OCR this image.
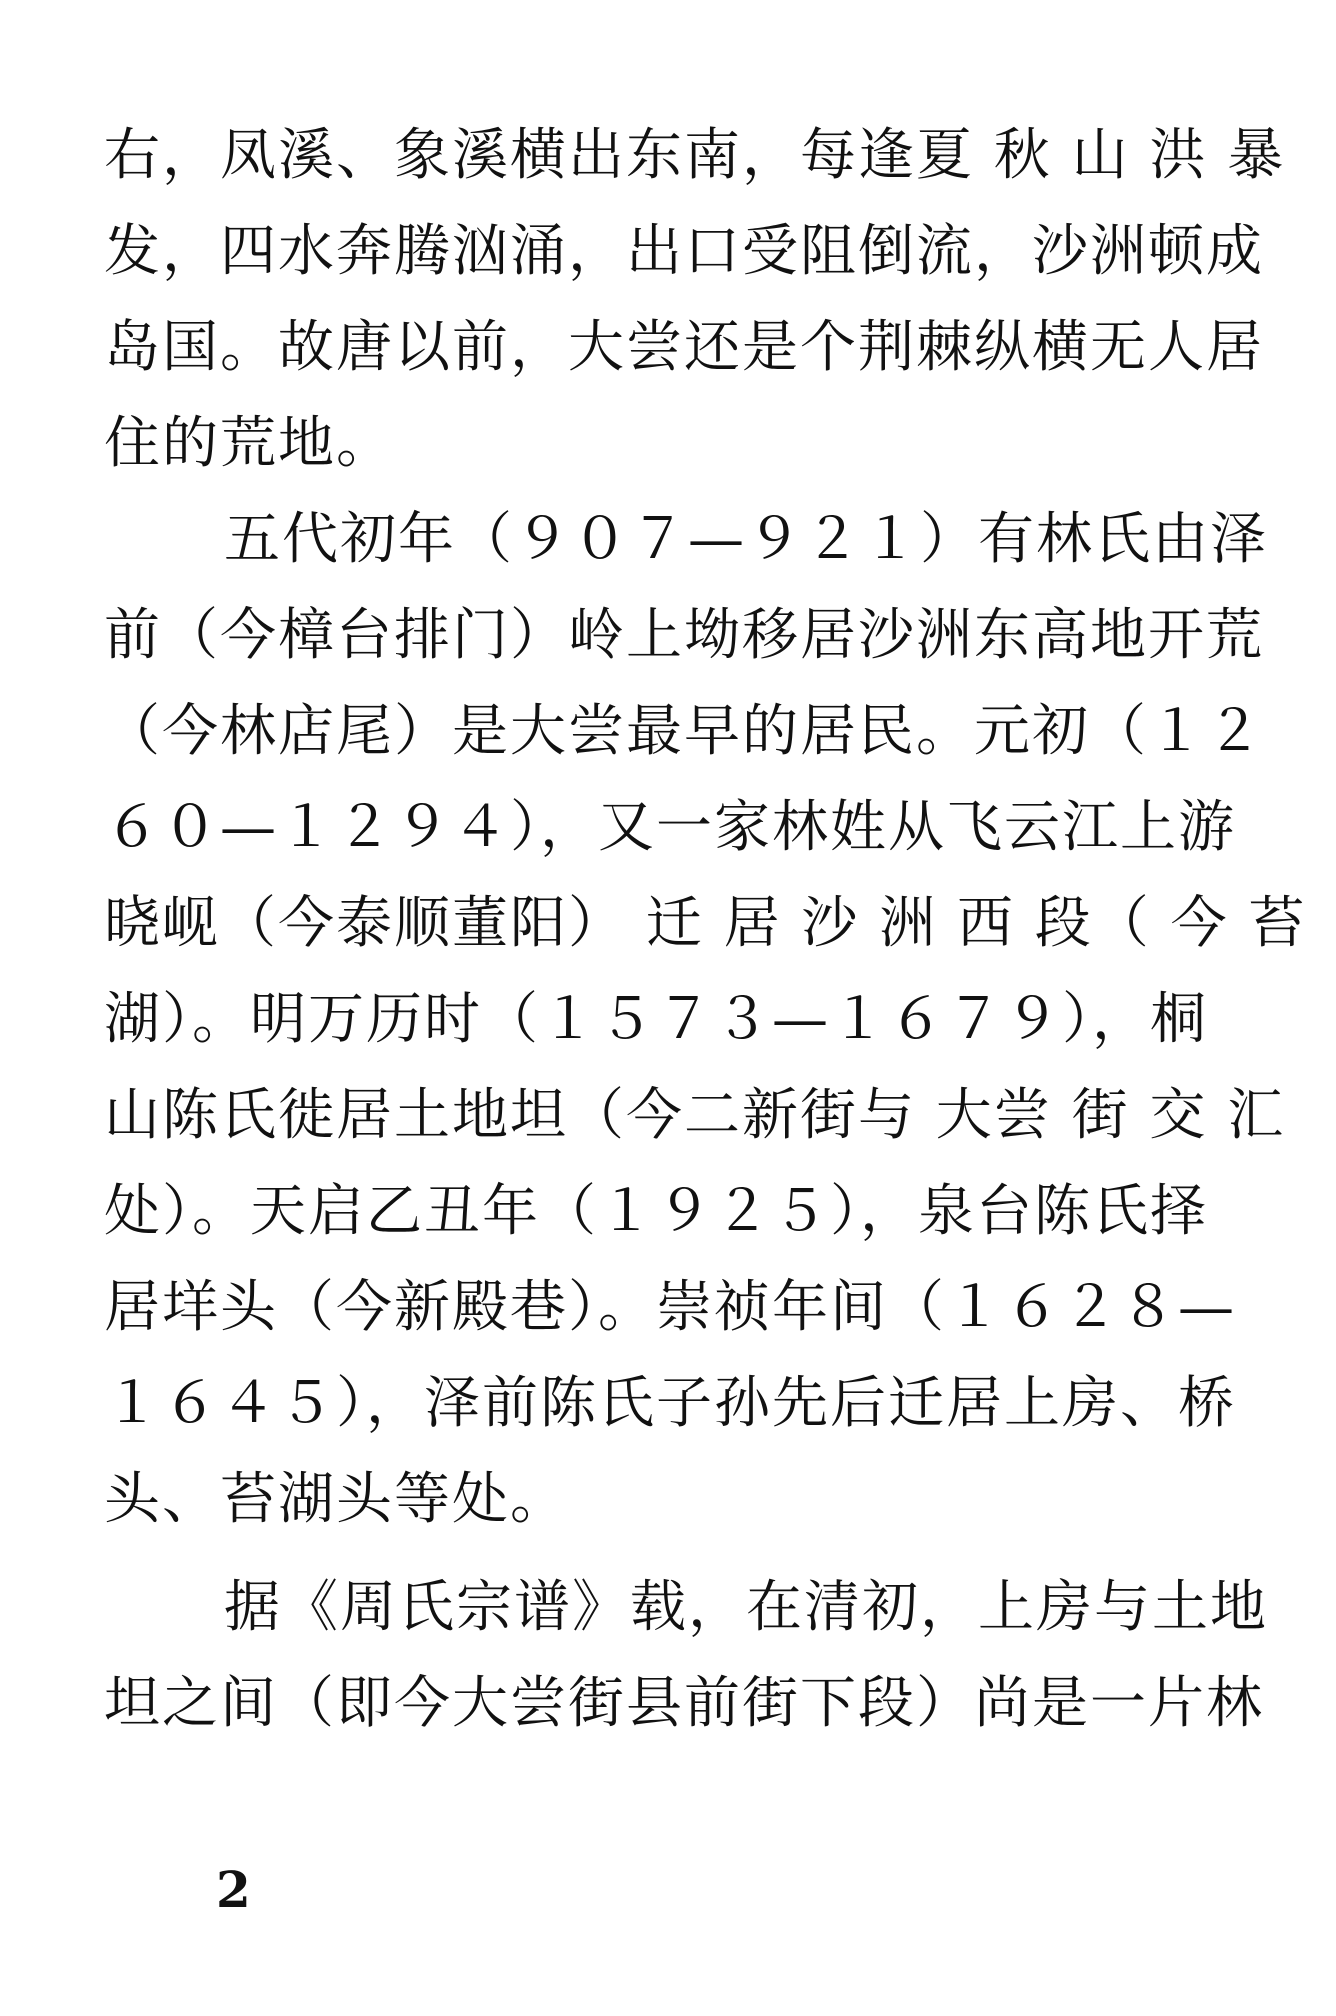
右，凤溪、象溪横出东南，每逢夏 秋 山 洪 暴
发，四水奔腾汹涌，出口受阻倒流，沙洲顿成
岛国。故唐以前，大尝还是个荆棘纵横无人居
住的荒地。
五代初年（９０７—９２１）有林氏由泽
前（今樟台排门）岭上坳移居沙洲东高地开荒
（今林店尾）是大尝最早的居民。元初（１２
６０—１２９４），又一家林姓从飞云江上游
晓岘（今泰顺董阳） 迁 居 沙 洲 西 段（ 今 苔
湖）。明万历时（１５７３—１６７９），桐
山陈氏徙居土地坦（今二新街与 大尝 街 交 汇
处）。天启乙丑年（１９２５），泉台陈氏择
居垟头（今新殿巷）。崇祯年间（１６２８—
１６４５），泽前陈氏子孙先后迁居上房、桥
头、苔湖头等处。
据《周氏宗谱》载，在清初，上房与土地
坦之间（即今大尝街县前街下段）尚是一片林
2
